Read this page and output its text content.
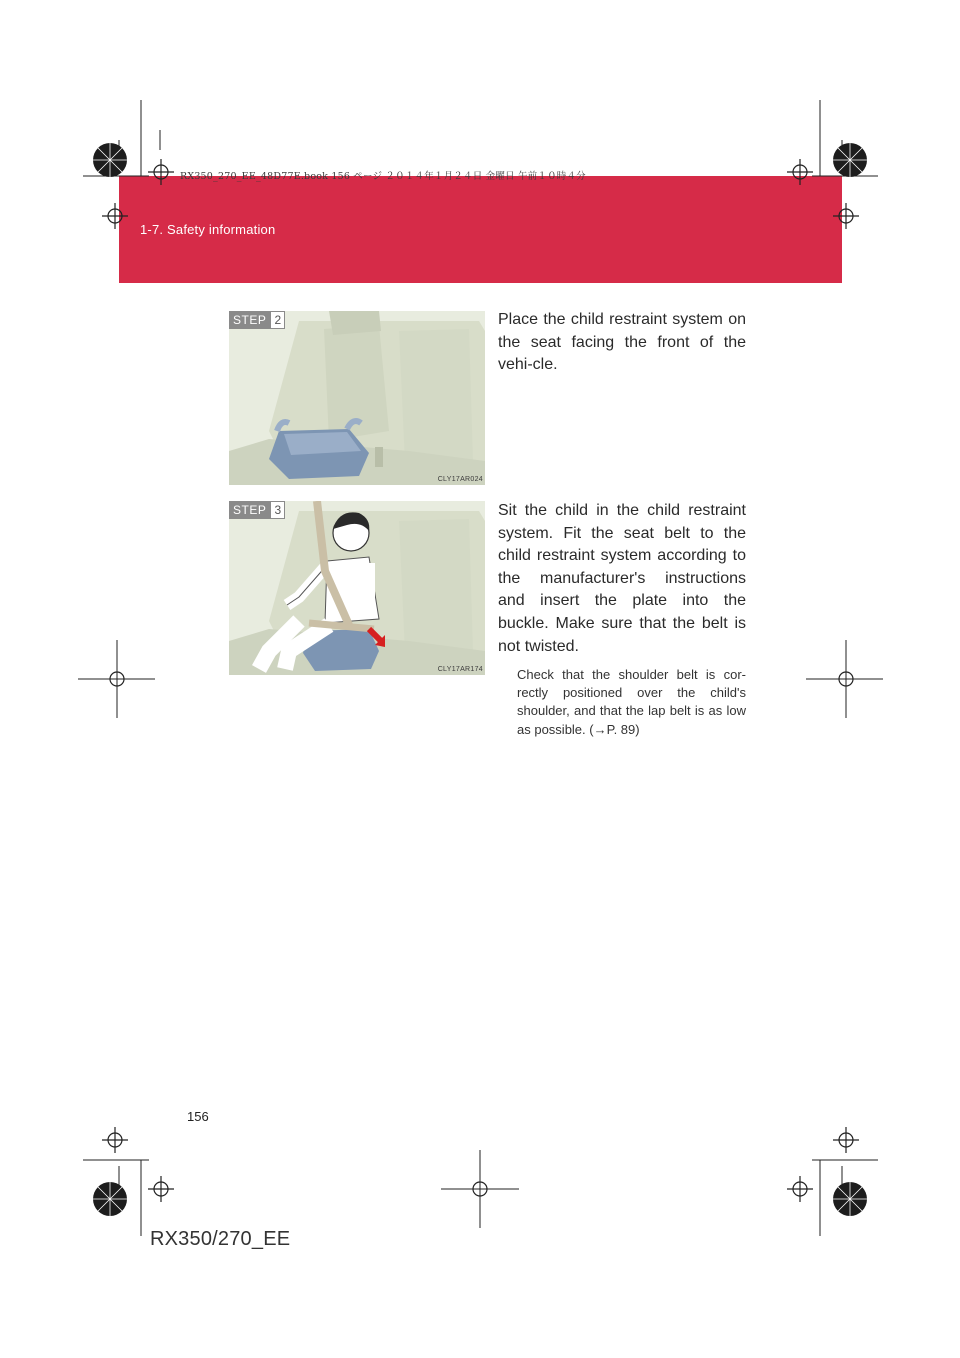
RX350_270_EE_48D77E.book 156 ページ ２０１４年１月２４日 金曜日 午前１０時４分
1-7. Safety information
STEP 2
CLY17AR024
Place the child restraint system on the seat facing the front of the vehi-cle.
STEP 3
CLY17AR174
Sit the child in the child restraint system. Fit the seat belt to the child restraint system according to the manufacturer's instructions and insert the plate into the buckle. Make sure that the belt is not twisted.
Check that the shoulder belt is cor-rectly positioned over the child's shoulder, and that the lap belt is as low as possible. (→P. 89)
156
RX350/270_EE
